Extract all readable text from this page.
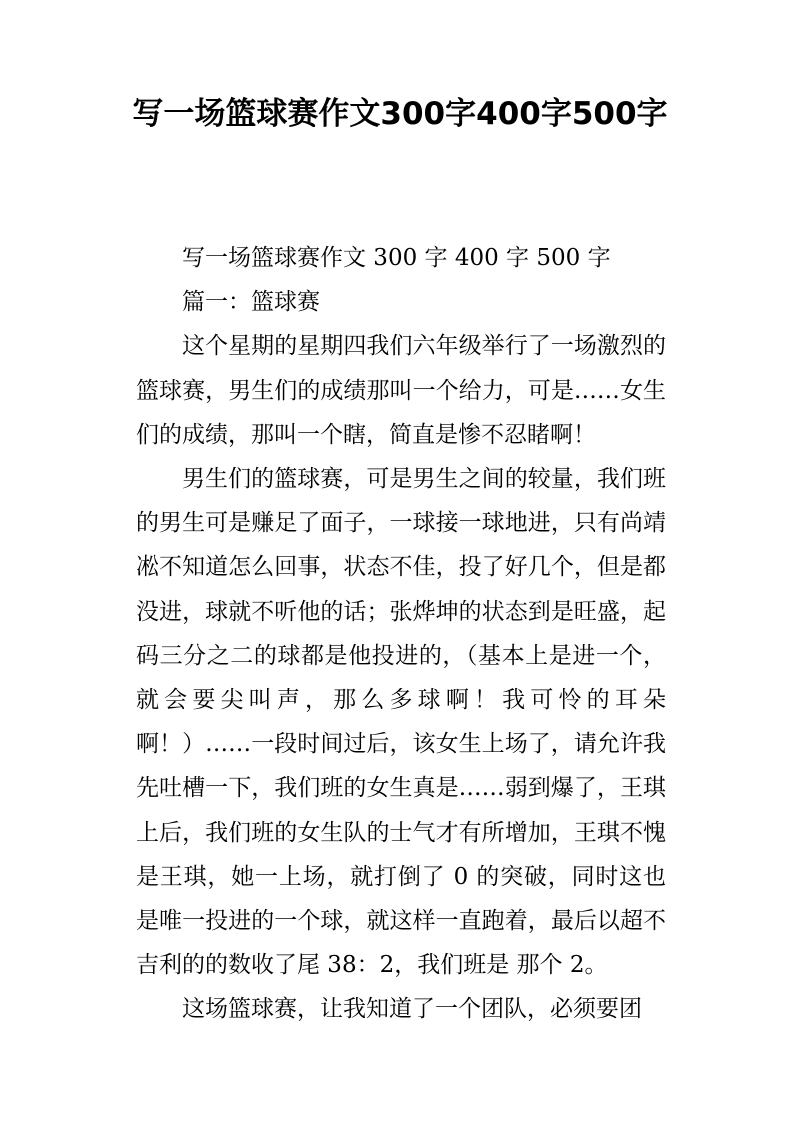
写一场篮球赛作文300字400字500字

写一场篮球赛作文 300 字 400 字 500 字

篇一：篮球赛

这个星期的星期四我们六年级举行了一场激烈的篮球赛，男生们的成绩那叫一个给力，可是……女生们的成绩，那叫一个瞎，简直是惨不忍睹啊！

男生们的篮球赛，可是男生之间的较量，我们班的男生可是赚足了面子，一球接一球地进，只有尚靖凇不知道怎么回事，状态不佳，投了好几个，但是都没进，球就不听他的话；张烨坤的状态到是旺盛，起码三分之二的球都是他投进的，（基本上是进一个，就会要尖叫声，那么多球啊！我可怜的耳朵啊！）……一段时间过后，该女生上场了，请允许我先吐槽一下，我们班的女生真是……弱到爆了，王琪上后，我们班的女生队的士气才有所增加，王琪不愧是王琪，她一上场，就打倒了 0 的突破，同时这也是唯一投进的一个球，就这样一直跑着，最后以超不吉利的的数收了尾 38：2，我们班是 那个 2。

这场篮球赛，让我知道了一个团队，必须要团
